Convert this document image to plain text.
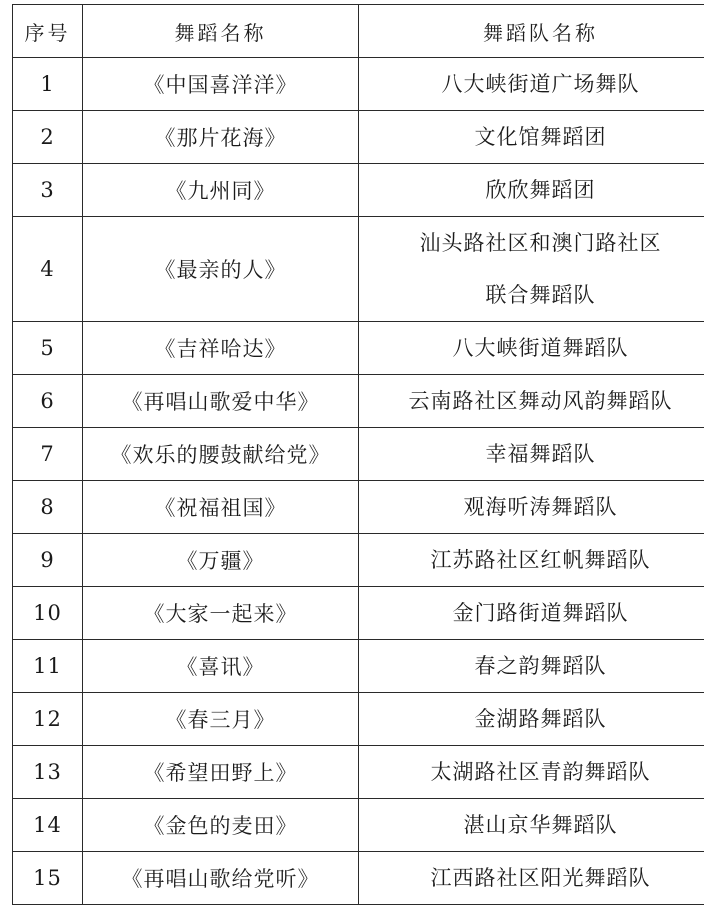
序号	舞蹈名称	舞蹈队名称
1	《中国喜洋洋》	八大峡街道广场舞队

2	《那片花海》	文化馆舞蹈团

3	《九州同》	欣欣舞蹈团

4	《最亲的人》	汕头路社区和澳门路社区
联合舞蹈队

5	《吉祥哈达》	八大峡街道舞蹈队

6	《再唱山歌爱中华》	云南路社区舞动风韵舞蹈队

7	《欢乐的腰鼓献给党》	幸福舞蹈队

8	《祝福祖国》	观海听涛舞蹈队

9	《万疆》	江苏路社区红帆舞蹈队

10	《大家一起来》	金门路街道舞蹈队

11	《喜讯》	春之韵舞蹈队

12	《春三月》	金湖路舞蹈队

13	《希望田野上》	太湖路社区青韵舞蹈队

14	《金色的麦田》	湛山京华舞蹈队

15	《再唱山歌给党听》	江西路社区阳光舞蹈队
